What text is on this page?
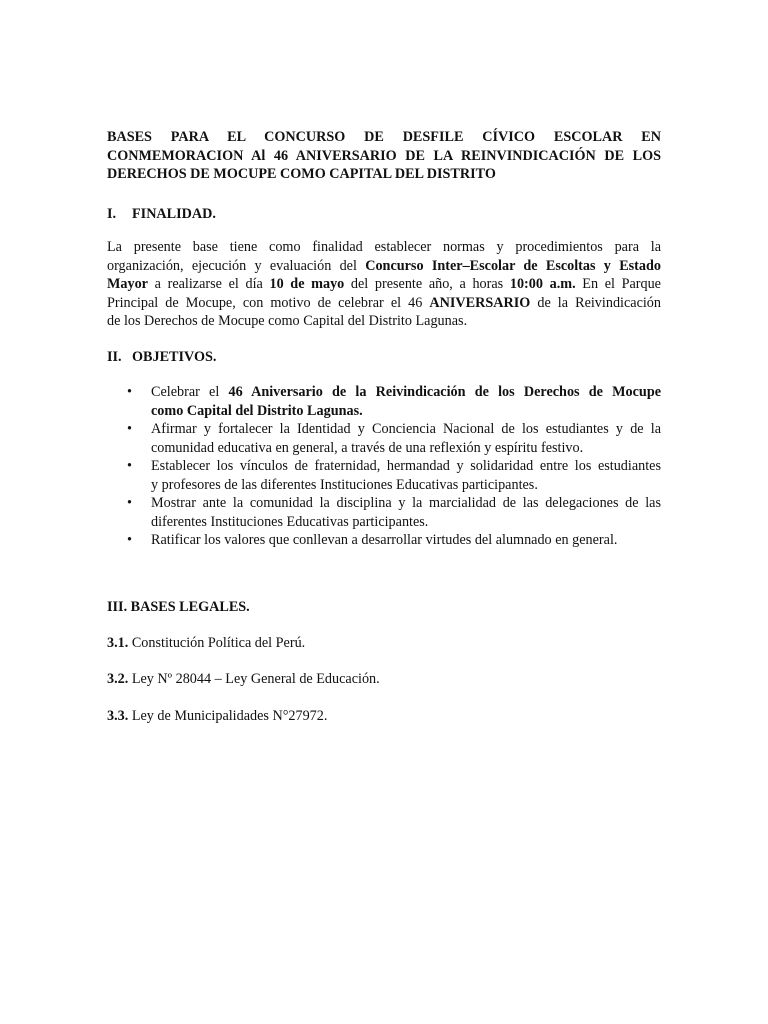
BASES PARA EL CONCURSO DE DESFILE CÍVICO ESCOLAR EN
CONMEMORACION Al 46 ANIVERSARIO DE LA REINVINDICACIÓN DE LOS
DERECHOS DE MOCUPE COMO CAPITAL DEL DISTRITO
I. FINALIDAD.
La presente base tiene como finalidad establecer normas y procedimientos para la
organización, ejecución y evaluación del Concurso Inter–Escolar de Escoltas y Estado
Mayor a realizarse el día 10 de mayo del presente año, a horas 10:00 a.m. En el Parque
Principal de Mocupe, con motivo de celebrar el 46 ANIVERSARIO de la Reivindicación
de los Derechos de Mocupe como Capital del Distrito Lagunas.
II. OBJETIVOS.
• Celebrar el 46 Aniversario de la Reivindicación de los Derechos de Mocupe
como Capital del Distrito Lagunas.
• Afirmar y fortalecer la Identidad y Conciencia Nacional de los estudiantes y de la
comunidad educativa en general, a través de una reflexión y espíritu festivo.
• Establecer los vínculos de fraternidad, hermandad y solidaridad entre los estudiantes
y profesores de las diferentes Instituciones Educativas participantes.
• Mostrar ante la comunidad la disciplina y la marcialidad de las delegaciones de las
diferentes Instituciones Educativas participantes.
• Ratificar los valores que conllevan a desarrollar virtudes del alumnado en general.
III. BASES LEGALES.
3.1. Constitución Política del Perú.
3.2. Ley Nº 28044 – Ley General de Educación.
3.3. Ley de Municipalidades N°27972.
